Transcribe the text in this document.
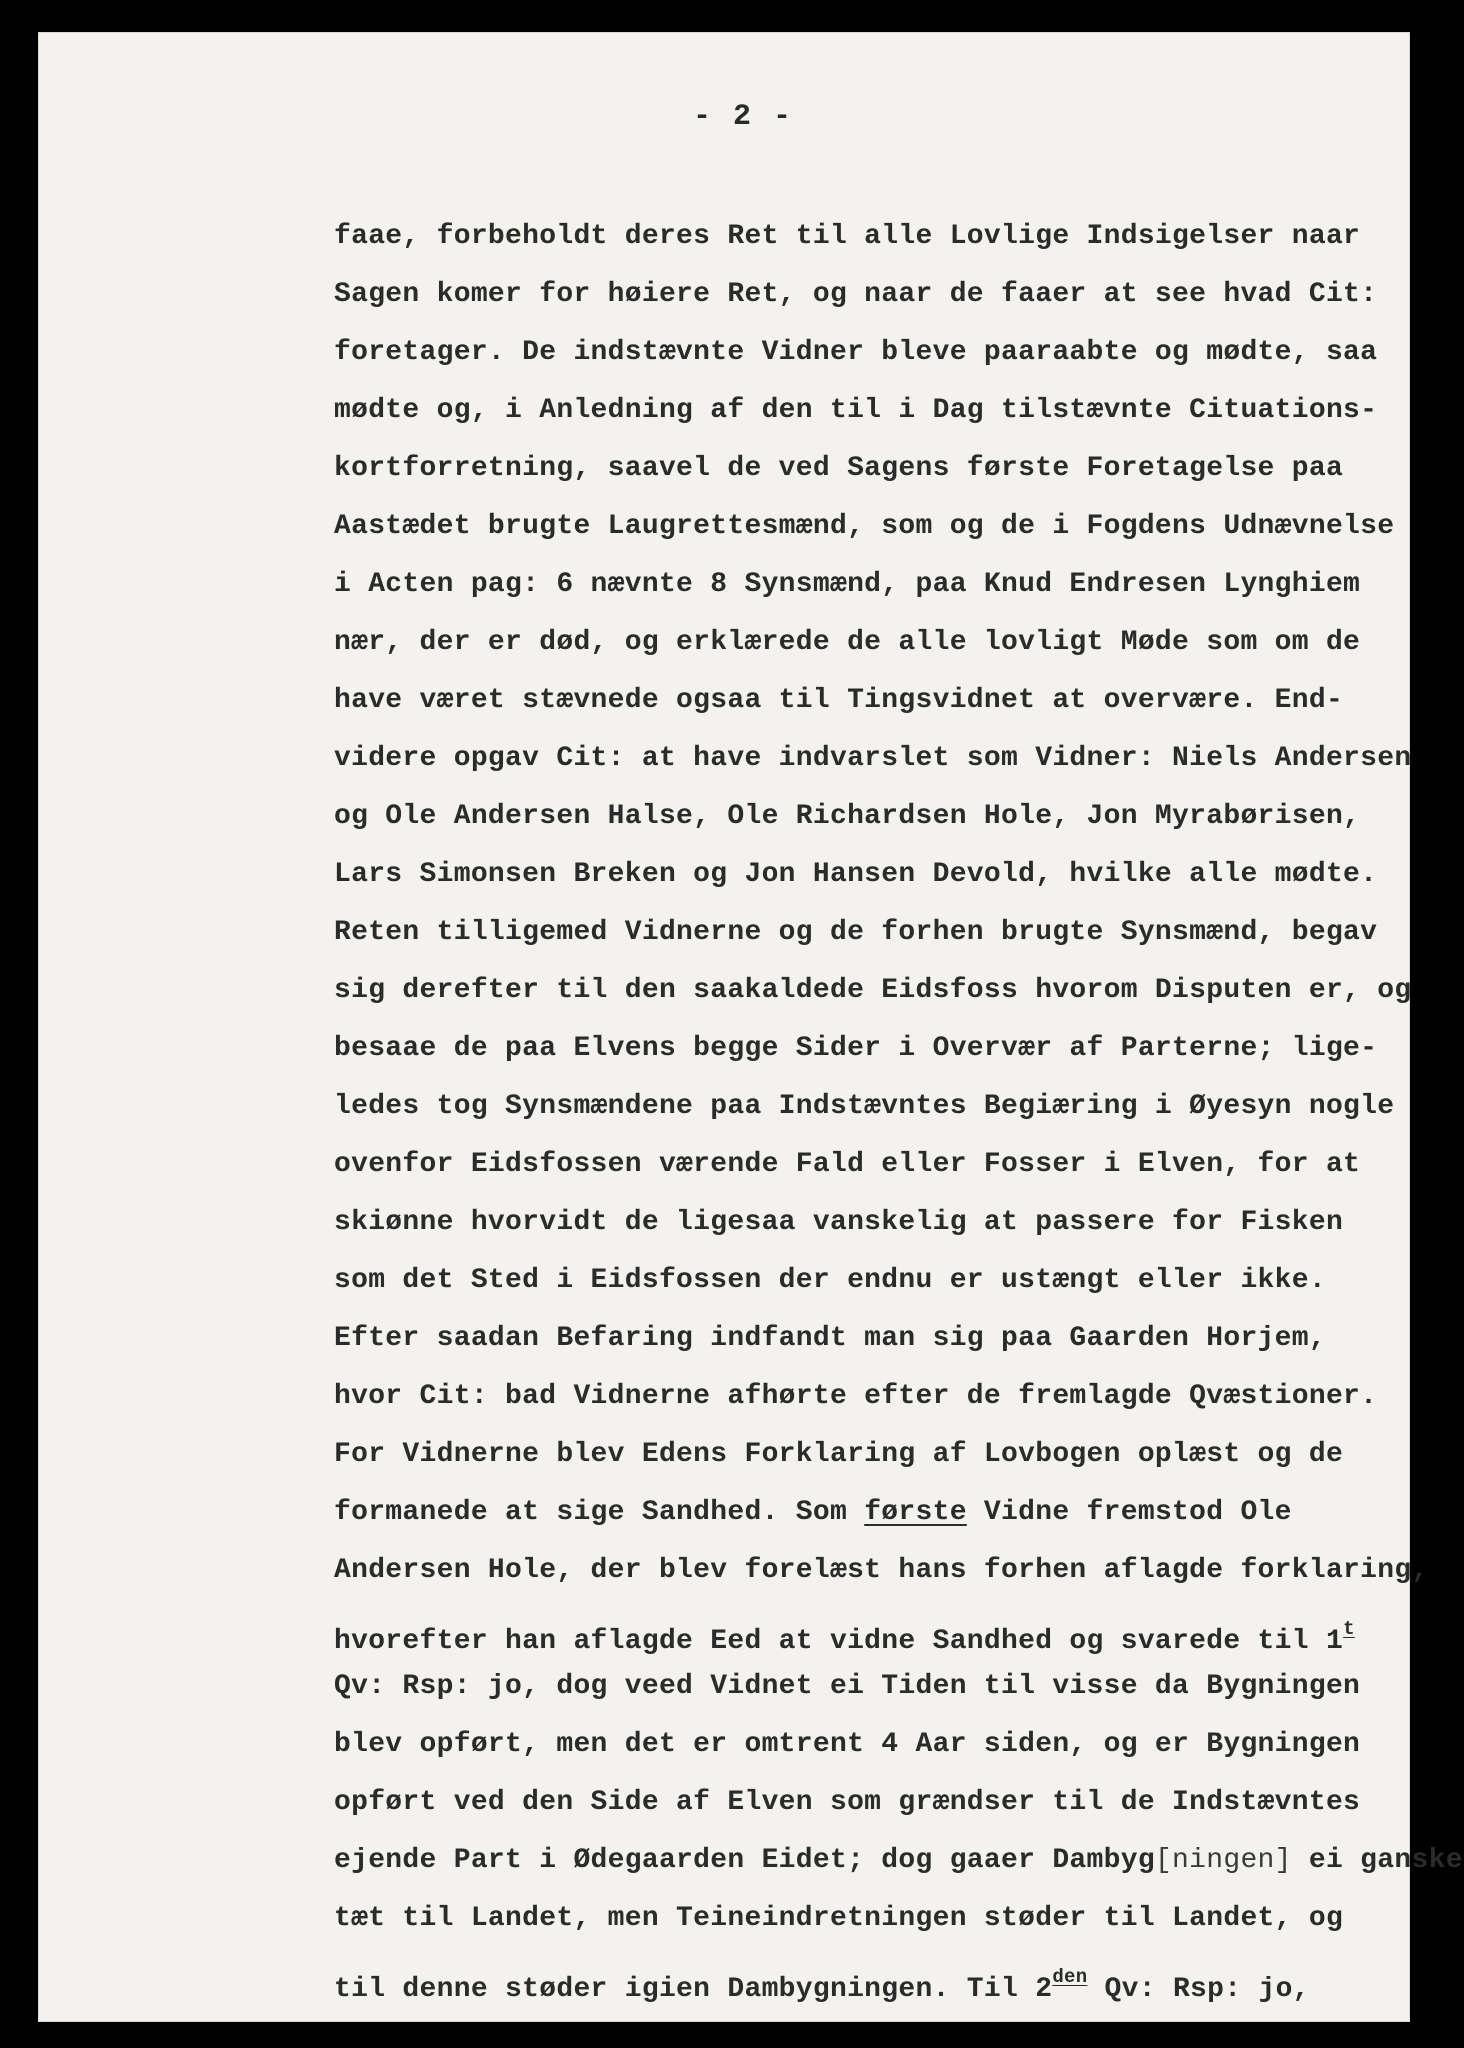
- 2 -
faae, forbeholdt deres Ret til alle Lovlige Indsigelser naar
Sagen komer for høiere Ret, og naar de faaer at see hvad Cit:
foretager. De indstævnte Vidner bleve paaraabte og mødte, saa
mødte og, i Anledning af den til i Dag tilstævnte Cituations-
kortforretning, saavel de ved Sagens første Foretagelse paa
Aastædet brugte Laugrettesmænd, som og de i Fogdens Udnævnelse
i Acten pag: 6 nævnte 8 Synsmænd, paa Knud Endresen Lynghiem
nær, der er død, og erklærede de alle lovligt Møde som om de
have været stævnede ogsaa til Tingsvidnet at overvære. End-
videre opgav Cit: at have indvarslet som Vidner: Niels Andersen
og Ole Andersen Halse, Ole Richardsen Hole, Jon Myrabørisen,
Lars Simonsen Breken og Jon Hansen Devold, hvilke alle mødte.
Reten tilligemed Vidnerne og de forhen brugte Synsmænd, begav
sig derefter til den saakaldede Eidsfoss hvorom Disputen er, og
besaae de paa Elvens begge Sider i Overvær af Parterne; lige-
ledes tog Synsmændene paa Indstævntes Begiæring i Øyesyn nogle
ovenfor Eidsfossen værende Fald eller Fosser i Elven, for at
skiønne hvorvidt de ligesaa vanskelig at passere for Fisken
som det Sted i Eidsfossen der endnu er ustængt eller ikke.
Efter saadan Befaring indfandt man sig paa Gaarden Horjem,
hvor Cit: bad Vidnerne afhørte efter de fremlagde Qvæstioner.
For Vidnerne blev Edens Forklaring af Lovbogen oplæst og de
formanede at sige Sandhed. Som første Vidne fremstod Ole
Andersen Hole, der blev forelæst hans forhen aflagde forklaring,
hvorefter han aflagde Eed at vidne Sandhed og svarede til 1$^t$
Qv: Rsp: jo, dog veed Vidnet ei Tiden til visse da Bygningen
blev opført, men det er omtrent 4 Aar siden, og er Bygningen
opført ved den Side af Elven som grændser til de Indstævntes
ejende Part i Ødegaarden Eidet; dog gaaer Dambyg[ningen] ei ganske
tæt til Landet, men Teineindretningen støder til Landet, og
til denne støder igien Dambygningen. Til $2^{den}$ Qv: Rsp: jo,
